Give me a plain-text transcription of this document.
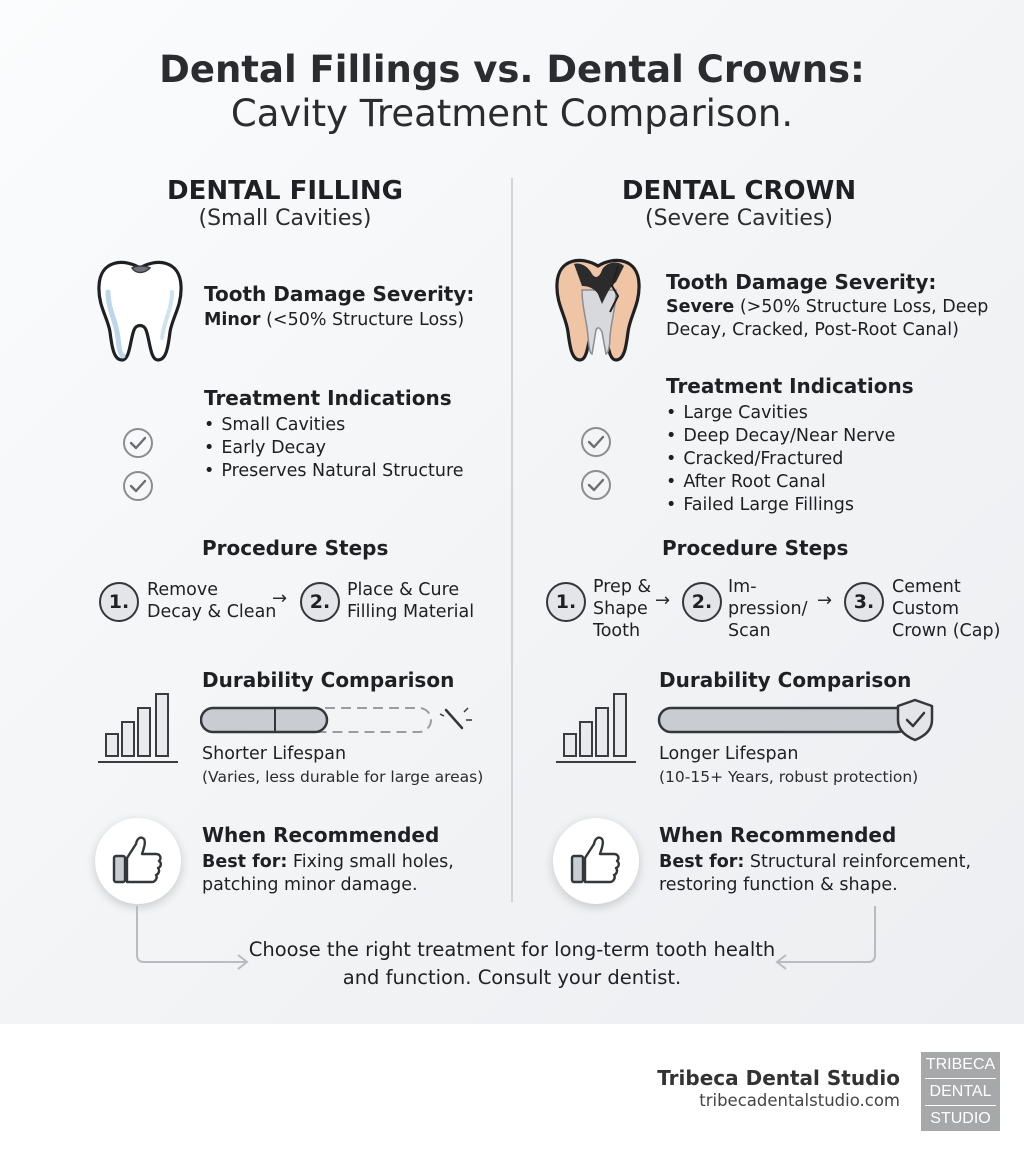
Dental Fillings vs. Dental Crowns:
Cavity Treatment Comparison.
DENTAL FILLING
(Small Cavities)
Tooth Damage Severity:
Minor (<50% Structure Loss)
Treatment Indications
• Small Cavities
• Early Decay
• Preserves Natural Structure
Procedure Steps
1.
Remove
Decay & Clean
→	2.
Place & Cure
Filling Material
Durability Comparison
Shorter Lifespan
(Varies, less durable for large areas)
When Recommended
Best for: Fixing small holes,
patching minor damage.
DENTAL CROWN
(Severe Cavities)
Tooth Damage Severity:
Severe (>50% Structure Loss, Deep
Decay, Cracked, Post-Root Canal)
Treatment Indications
• Large Cavities
• Deep Decay/Near Nerve
• Cracked/Fractured
• After Root Canal
• Failed Large Fillings
Procedure Steps
1.
Prep &
Shape
Tooth
→	2.
Im-
pression/
Scan
→	3.
Cement
Custom
Crown (Cap)
Durability Comparison
Longer Lifespan
(10-15+ Years, robust protection)
When Recommended
Best for: Structural reinforcement,
restoring function & shape.
Choose the right treatment for long-term tooth health and function. Consult your dentist.
Tribeca Dental Studio
tribecadentalstudio.com
TRIBECA
DENTAL
STUDIO
